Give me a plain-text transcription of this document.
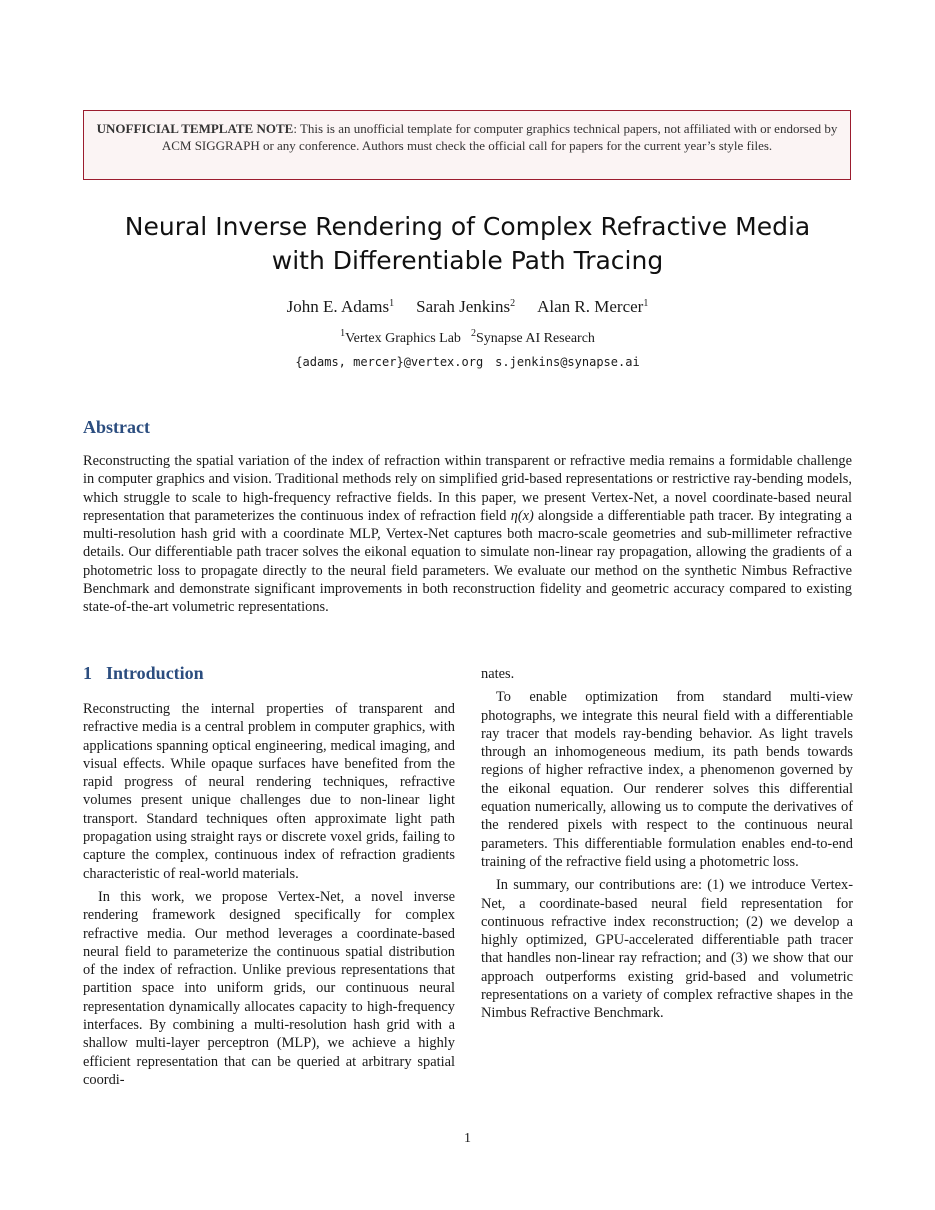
UNOFFICIAL TEMPLATE NOTE: This is an unofficial template for computer graphics technical papers, not affiliated with or endorsed by ACM SIGGRAPH or any conference. Authors must check the official call for papers for the current year’s style files.
Neural Inverse Rendering of Complex Refractive Media
with Differentiable Path Tracing
John E. Adams$^1$ Sarah Jenkins$^2$ Alan R. Mercer$^1$
$^1$Vertex Graphics Lab $^2$Synapse AI Research
{adams, mercer}@vertex.org s.jenkins@synapse.ai
Abstract
Reconstructing the spatial variation of the index of refraction within transparent or refractive media remains a formidable challenge in computer graphics and vision. Traditional methods rely on simplified grid-based representations or restrictive ray-bending models, which struggle to scale to high-frequency refractive fields. In this paper, we present Vertex-Net, a novel coordinate-based neural representation that parameterizes the continuous index of refraction field η(x) alongside a differentiable path tracer. By integrating a multi-resolution hash grid with a coordinate MLP, Vertex-Net captures both macro-scale geometries and sub-millimeter refractive details. Our differentiable path tracer solves the eikonal equation to simulate non-linear ray propagation, allowing the gradients of a photometric loss to propagate directly to the neural field parameters. We evaluate our method on the synthetic Nimbus Refractive Benchmark and demonstrate significant improvements in both reconstruction fidelity and geometric accuracy compared to existing state-of-the-art volumetric representations.
1 Introduction

Reconstructing the internal properties of transparent and refractive media is a central problem in computer graphics, with applications spanning optical engineering, medical imaging, and visual effects. While opaque surfaces have benefited from the rapid progress of neural rendering techniques, refractive volumes present unique challenges due to non-linear light transport. Standard techniques often approximate light path propagation using straight rays or discrete voxel grids, failing to capture the complex, continuous index of refraction gradients characteristic of real-world materials.

In this work, we propose Vertex-Net, a novel inverse rendering framework designed specifically for complex refractive media. Our method leverages a coordinate-based neural field to parameterize the continuous spatial distribution of the index of refraction. Unlike previous representations that partition space into uniform grids, our continuous neural representation dynamically allocates capacity to high-frequency interfaces. By combining a multi-resolution hash grid with a shallow multi-layer perceptron (MLP), we achieve a highly efficient representation that can be queried at arbitrary spatial coordi-

nates.

To enable optimization from standard multi-view photographs, we integrate this neural field with a differentiable ray tracer that models ray-bending behavior. As light travels through an inhomogeneous medium, its path bends towards regions of higher refractive index, a phenomenon governed by the eikonal equation. Our renderer solves this differential equation numerically, allowing us to compute the derivatives of the rendered pixels with respect to the continuous neural parameters. This differentiable formulation enables end-to-end training of the refractive field using a photometric loss.

In summary, our contributions are: (1) we introduce Vertex-Net, a coordinate-based neural field representation for continuous refractive index reconstruction; (2) we develop a highly optimized, GPU-accelerated differentiable path tracer that handles non-linear ray refraction; and (3) we show that our approach outperforms existing grid-based and volumetric representations on a variety of complex refractive shapes in the Nimbus Refractive Benchmark.

1
